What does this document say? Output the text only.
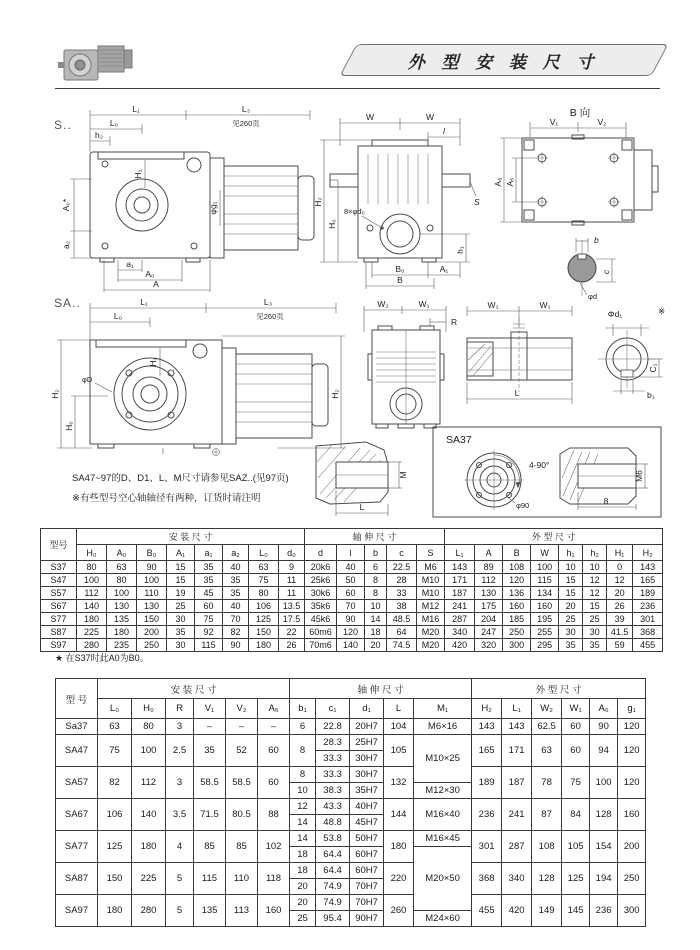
外 型 安 装 尺 寸
S..
SA..
L₁	L₃
见260页
L₀
h₂
H₁
φg₁
A₀*
a₂
a₁
A₀
A
W	W
l
H₂
H₀
8×φd₀
h₁
B₀	A₁
B
S
B 向
V₁	V₂
A₆ A₅
b
c
φd
L₁	L₃
见260页
L₀
H₂
H₀
φD
H₁
H₂
W₂	W₁
R
W₁	W₁
L
Φd₁	※
C₁
b₁
M
L
SA37
4-90°
φ90
M6
8
SA47~97的D、D1、L、M尺寸请参见SAZ..(见97页)
※有些型号空心轴轴径有两种，订货时请注明
型号	安 装 尺 寸								轴 伸 尺 寸					外 型 尺 寸							
	H₀	A₀	B₀	A₁	a₁	a₂	L₀	d₀	d	l	b	c	S	L₁	A	B	W	h₁	h₂	H₁	H₂
S37	80	63	90	15	35	40	63	9	20k6	40	6	22.5	M6	143	89	108	100	10	10	0	143
S47	100	80	100	15	35	35	75	11	25k6	50	8	28	M10	171	112	120	115	15	12	12	165
S57	112	100	110	19	45	35	80	11	30k6	60	8	33	M10	187	130	136	134	15	12	20	189
S67	140	130	130	25	60	40	106	13.5	35k6	70	10	38	M12	241	175	160	160	20	15	26	236
S77	180	135	150	30	75	70	125	17.5	45k6	90	14	48.5	M16	287	204	185	195	25	25	39	301
S87	225	180	200	35	92	82	150	22	60m6	120	18	64	M20	340	247	250	255	30	30	41.5	368
S97	280	235	250	30	115	90	180	26	70m6	140	20	74.5	M20	420	320	300	295	35	35	59	455
★ 在S37时此A0为B0。
型 号	安 装 尺 寸						轴 伸 尺 寸					外 型 尺 寸					
	L₀	H₀	R	V₁	V₂	A₅	b₁	c₁	d₁	L	M₁	H₂	L₁	W₂	W₁	A₆	g₁
Sa37	63	80	3	–	–	–	6	22.8	20H7	104	M6×16	143	143	62.5	60	90	120
SA47	75	100	2.5	35	52	60	8	28.3	25H7	105	M10×25	165	171	63	60	94	120
								33.3	30H7								
SA57	82	112	3	58.5	58.5	60	8	33.3	30H7	132		189	187	78	75	100	120
							10	38.3	35H7		M12×30						
SA67	106	140	3.5	71.5	80.5	88	12	43.3	40H7	144	M16×40	236	241	87	84	128	160
							14	48.8	45H7								
SA77	125	180	4	85	85	102	14	53.8	50H7	180	M16×45	301	287	108	105	154	200
							18	64.4	60H7		M20×50						
SA87	150	225	5	115	110	118	18	64.4	60H7	220		368	340	128	125	194	250
							20	74.9	70H7								
SA97	180	280	5	135	113	160	20	74.9	70H7	260		455	420	149	145	236	300
							25	95.4	90H7		M24×60						
